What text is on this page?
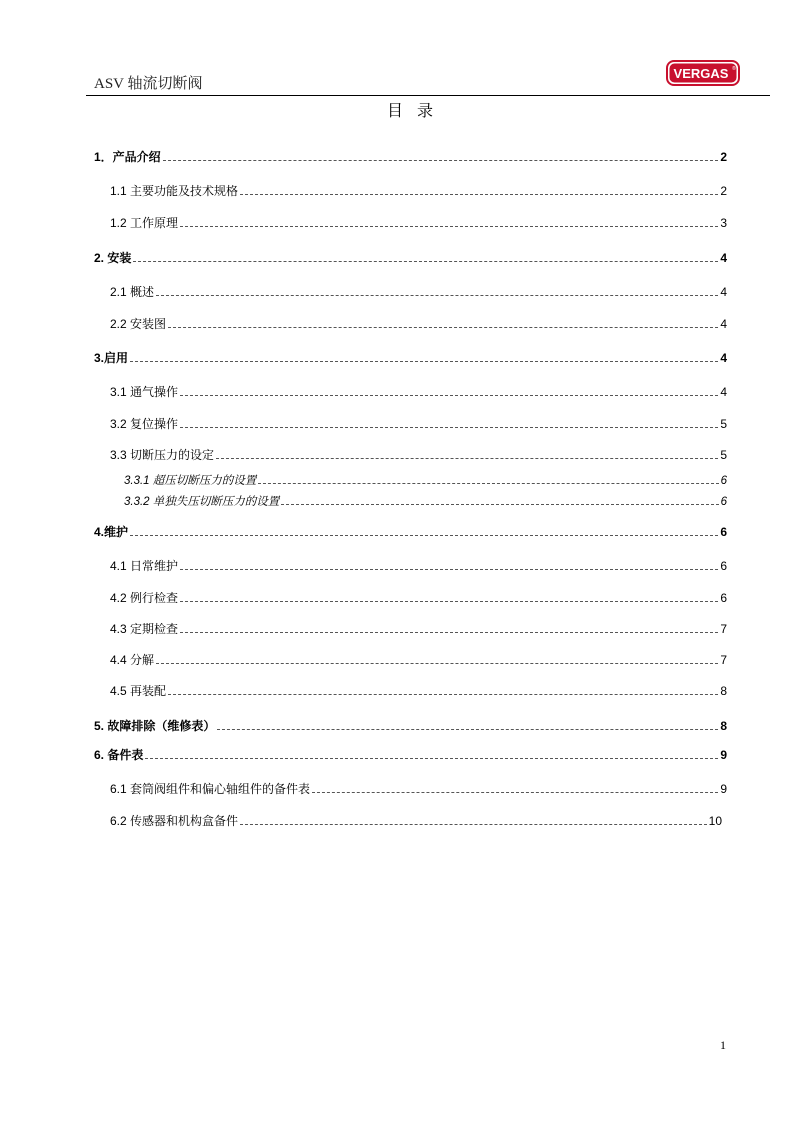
ASV 轴流切断阀
VERGAS ®
目录
1．产品介绍	2
1.1 主要功能及技术规格	2
1.2 工作原理	3
2. 安装	4
2.1 概述	4
2.2 安装图	4
3.启用	4
3.1 通气操作	4
3.2 复位操作	5
3.3 切断压力的设定	5
3.3.1 超压切断压力的设置	6
3.3.2 单独失压切断压力的设置	6
4.维护	6
4.1 日常维护	6
4.2 例行检查	6
4.3 定期检查	7
4.4 分解	7
4.5 再装配	8
5. 故障排除（维修表）	8
6. 备件表	9
6.1 套筒阀组件和偏心轴组件的备件表	9
6.2 传感器和机构盒备件	10
1
